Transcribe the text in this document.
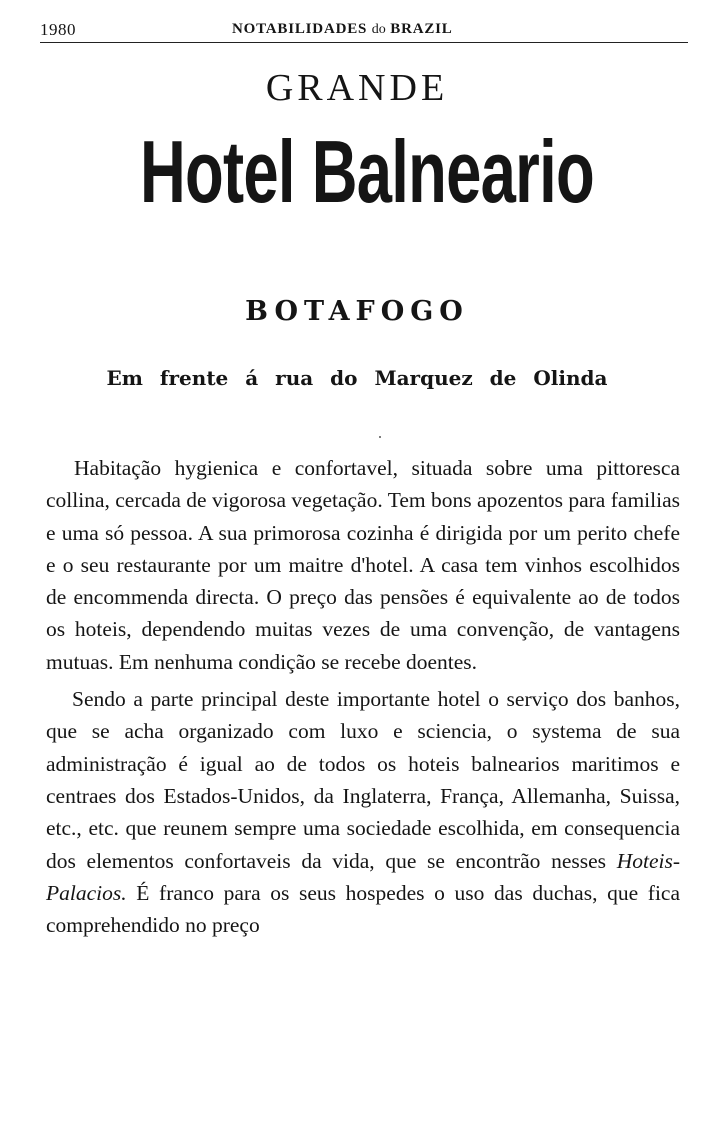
1980	NOTABILIDADES do BRAZIL
GRANDE
Hotel Balneario
BOTAFOGO
Em frente á rua do Marquez de Olinda

Habitação hygienica e confortavel, situada sobre uma pittoresca collina, cercada de vigorosa vegetação. Tem bons apozentos para familias e uma só pessoa. A sua primorosa cozinha é dirigida por um perito chefe e o seu restaurante por um maitre d'hotel. A casa tem vinhos escolhidos de encommenda directa. O preço das pensões é equivalente ao de todos os hoteis, dependendo muitas vezes de uma convenção, de vantagens mutuas. Em nenhuma condição se recebe doentes.

Sendo a parte principal deste importante hotel o serviço dos banhos, que se acha organizado com luxo e sciencia, o systema de sua administração é igual ao de todos os hoteis balnearios maritimos e centraes dos Estados-Unidos, da Inglaterra, França, Allemanha, Suissa, etc., etc. que reunem sempre uma sociedade escolhida, em consequencia dos elementos confortaveis da vida, que se encontrão nesses Hoteis-Palacios. É franco para os seus hospedes o uso das duchas, que fica comprehendido no preço
